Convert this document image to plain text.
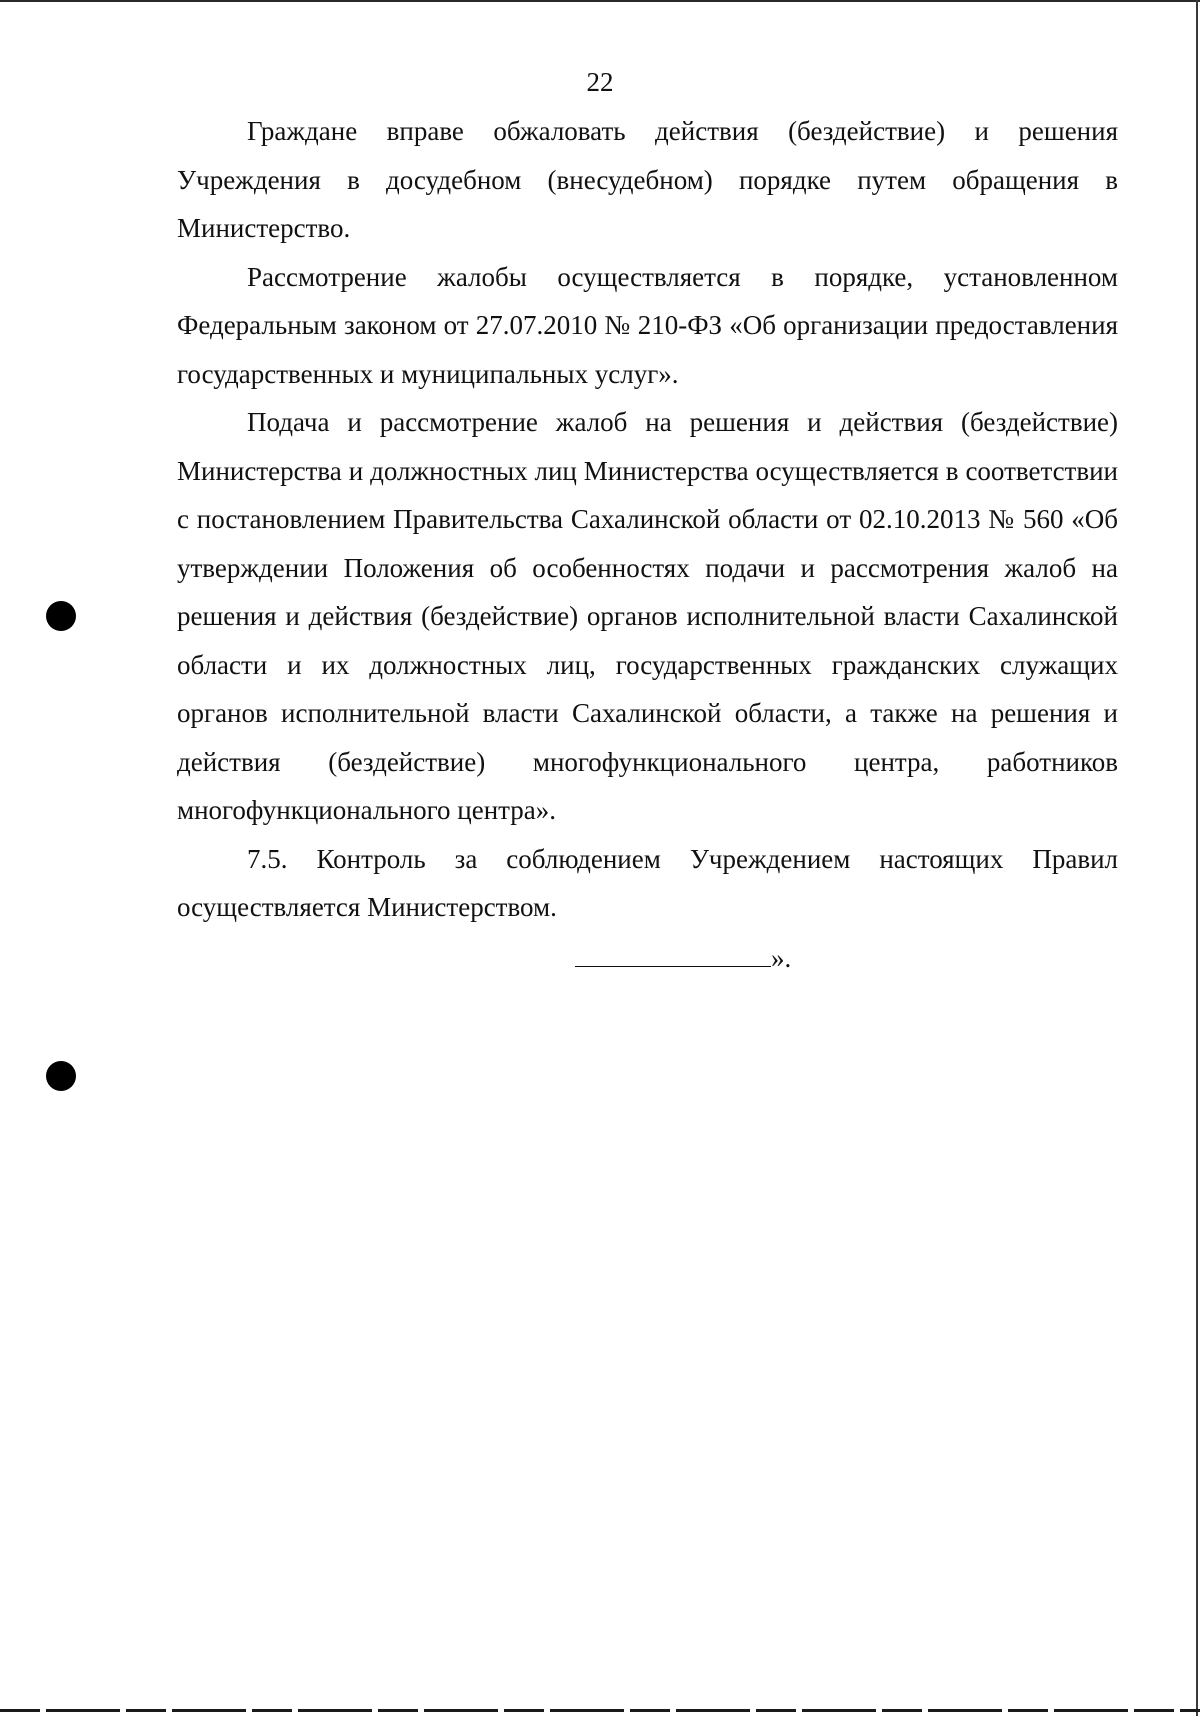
22

Граждане вправе обжаловать действия (бездействие) и решения Учреждения в досудебном (внесудебном) порядке путем обращения в Министерство.

Рассмотрение жалобы осуществляется в порядке, установленном Федеральным законом от 27.07.2010 № 210-ФЗ «Об организации предоставления государственных и муниципальных услуг».

Подача и рассмотрение жалоб на решения и действия (бездействие) Министерства и должностных лиц Министерства осуществляется в соответствии с постановлением Правительства Сахалинской области от 02.10.2013 № 560 «Об утверждении Положения об особенностях подачи и рассмотрения жалоб на решения и действия (бездействие) органов исполнительной власти Сахалинской области и их должностных лиц, государственных гражданских служащих органов исполнительной власти Сахалинской области, а также на решения и действия (бездействие) многофункционального центра, работников многофункционального центра».

7.5. Контроль за соблюдением Учреждением настоящих Правил осуществляется Министерством.

».
